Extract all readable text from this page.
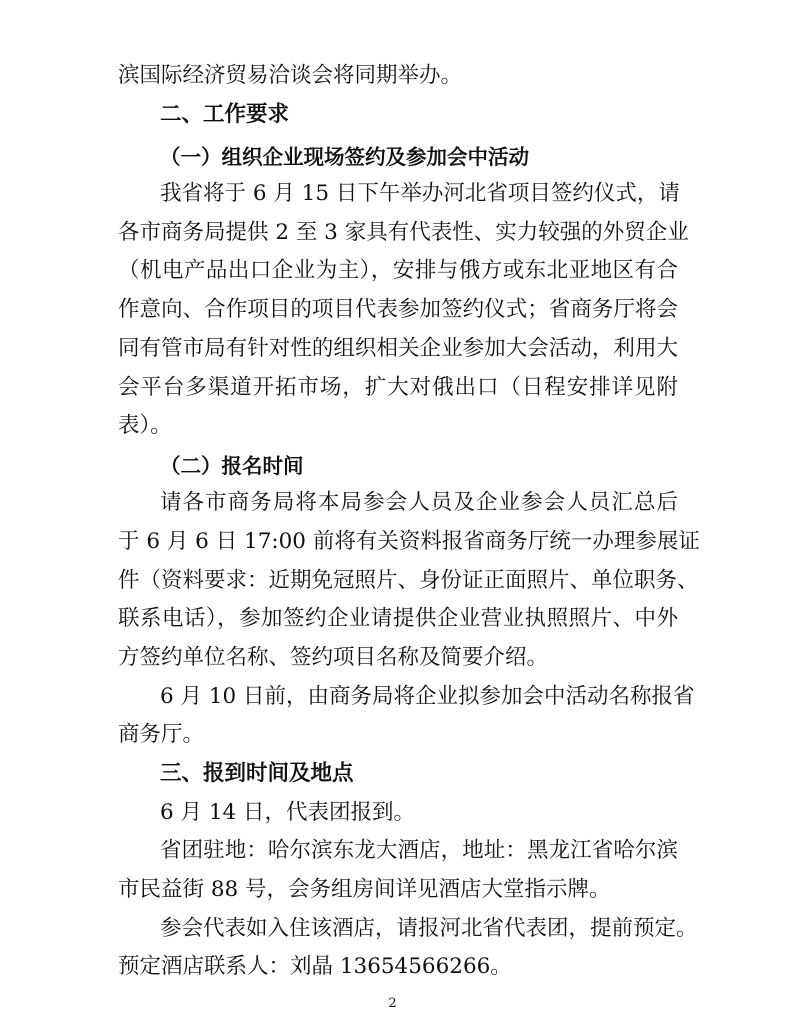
滨国际经济贸易洽谈会将同期举办。
二、工作要求
（一）组织企业现场签约及参加会中活动
我省将于 6 月 15 日下午举办河北省项目签约仪式，请
各市商务局提供 2 至 3 家具有代表性、实力较强的外贸企业
（机电产品出口企业为主），安排与俄方或东北亚地区有合
作意向、合作项目的项目代表参加签约仪式；省商务厅将会
同有管市局有针对性的组织相关企业参加大会活动，利用大
会平台多渠道开拓市场，扩大对俄出口（日程安排详见附
表）。
（二）报名时间
请各市商务局将本局参会人员及企业参会人员汇总后
于 6 月 6 日 17:00 前将有关资料报省商务厅统一办理参展证
件（资料要求：近期免冠照片、身份证正面照片、单位职务、
联系电话），参加签约企业请提供企业营业执照照片、中外
方签约单位名称、签约项目名称及简要介绍。
6 月 10 日前，由商务局将企业拟参加会中活动名称报省
商务厅。
三、报到时间及地点
6 月 14 日，代表团报到。
省团驻地：哈尔滨东龙大酒店，地址：黑龙江省哈尔滨
市民益街 88 号，会务组房间详见酒店大堂指示牌。
参会代表如入住该酒店，请报河北省代表团，提前预定。
预定酒店联系人：刘晶 13654566266。
2
